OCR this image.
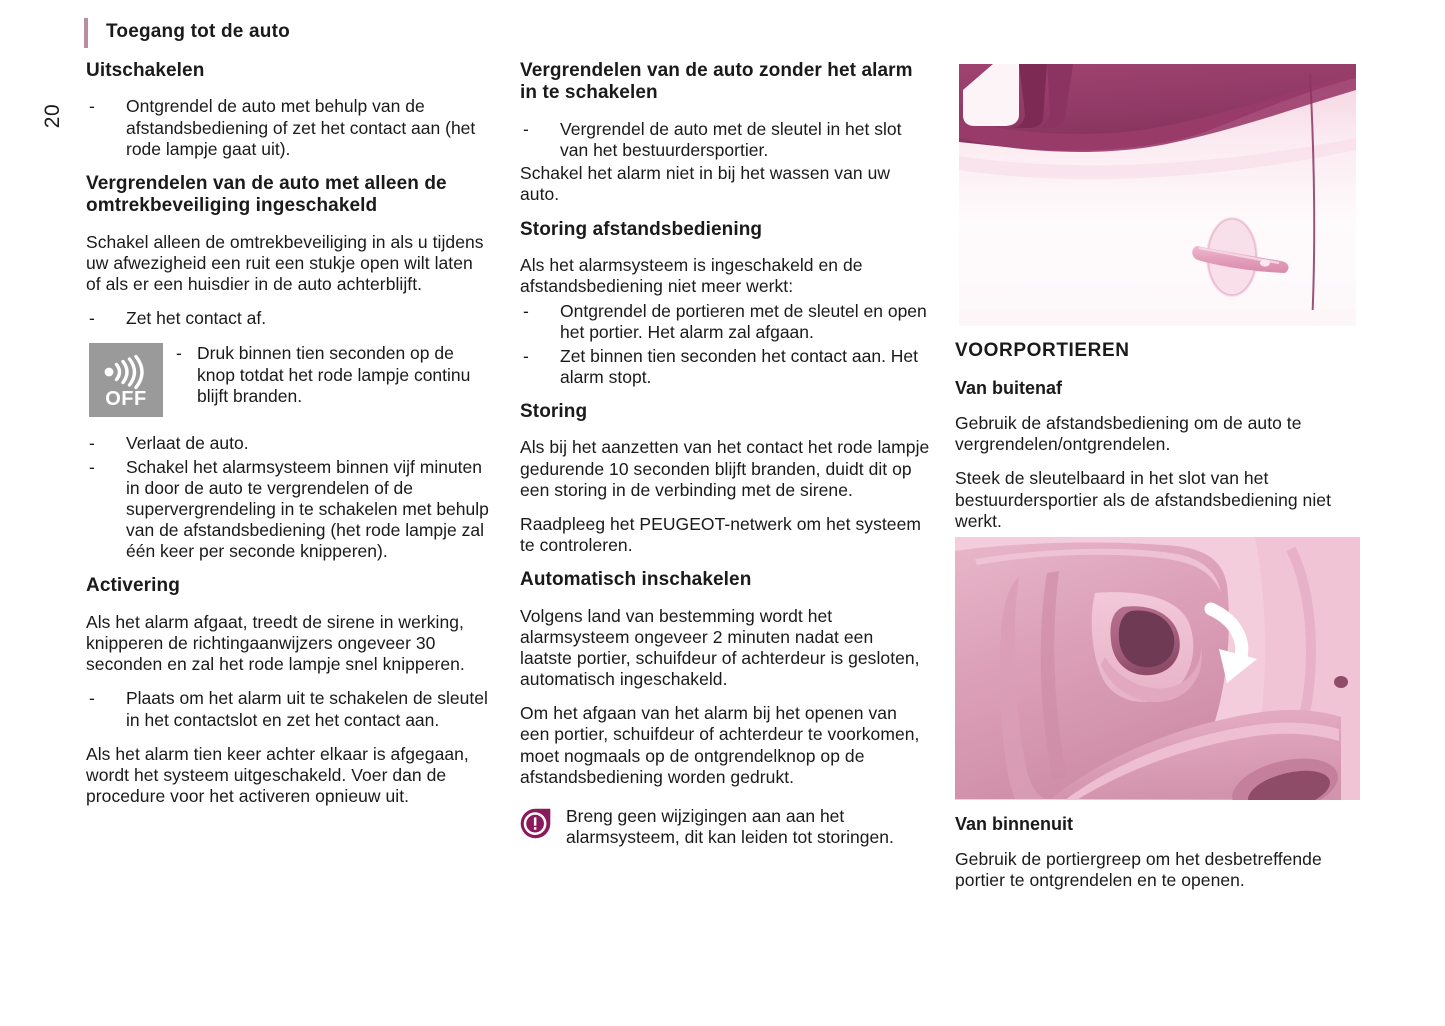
20
Toegang tot de auto
Uitschakelen
- Ontgrendel de auto met behulp van de afstandsbediening of zet het contact aan (het rode lampje gaat uit).
Vergrendelen van de auto met alleen de omtrekbeveiliging ingeschakeld

Schakel alleen de omtrekbeveiliging in als u tijdens uw afwezigheid een ruit een stukje open wilt laten of als er een huisdier in de auto achterblijft.

- Zet het contact af.
OFF
- Druk binnen tien seconden op de knop totdat het rode lampje continu blijft branden.
- Verlaat de auto.
- Schakel het alarmsysteem binnen vijf minuten in door de auto te vergrendelen of de supervergrendeling in te schakelen met behulp van de afstandsbediening (het rode lampje zal één keer per seconde knipperen).
Activering

Als het alarm afgaat, treedt de sirene in werking, knipperen de richtingaanwijzers ongeveer 30 seconden en zal het rode lampje snel knipperen.

- Plaats om het alarm uit te schakelen de sleutel in het contactslot en zet het contact aan.

Als het alarm tien keer achter elkaar is afgegaan, wordt het systeem uitgeschakeld. Voer dan de procedure voor het activeren opnieuw uit.

Vergrendelen van de auto zonder het alarm in te schakelen
- Vergrendel de auto met de sleutel in het slot van het bestuurdersportier.

Schakel het alarm niet in bij het wassen van uw auto.

Storing afstandsbediening

Als het alarmsysteem is ingeschakeld en de afstandsbediening niet meer werkt:

- Ontgrendel de portieren met de sleutel en open het portier. Het alarm zal afgaan.
- Zet binnen tien seconden het contact aan. Het alarm stopt.
Storing

Als bij het aanzetten van het contact het rode lampje gedurende 10 seconden blijft branden, duidt dit op een storing in de verbinding met de sirene.

Raadpleeg het PEUGEOT-netwerk om het systeem te controleren.

Automatisch inschakelen

Volgens land van bestemming wordt het alarmsysteem ongeveer 2 minuten nadat een laatste portier, schuifdeur of achterdeur is gesloten, automatisch ingeschakeld.

Om het afgaan van het alarm bij het openen van een portier, schuifdeur of achterdeur te voorkomen, moet nogmaals op de ontgrendelknop op de afstandsbediening worden gedrukt.

Breng geen wijzigingen aan aan het alarmsysteem, dit kan leiden tot storingen.
VOORPORTIEREN
Van buitenaf

Gebruik de afstandsbediening om de auto te vergrendelen/ontgrendelen.

Steek de sleutelbaard in het slot van het bestuurdersportier als de afstandsbediening niet werkt.

Van binnenuit

Gebruik de portiergreep om het desbetreffende portier te ontgrendelen en te openen.
